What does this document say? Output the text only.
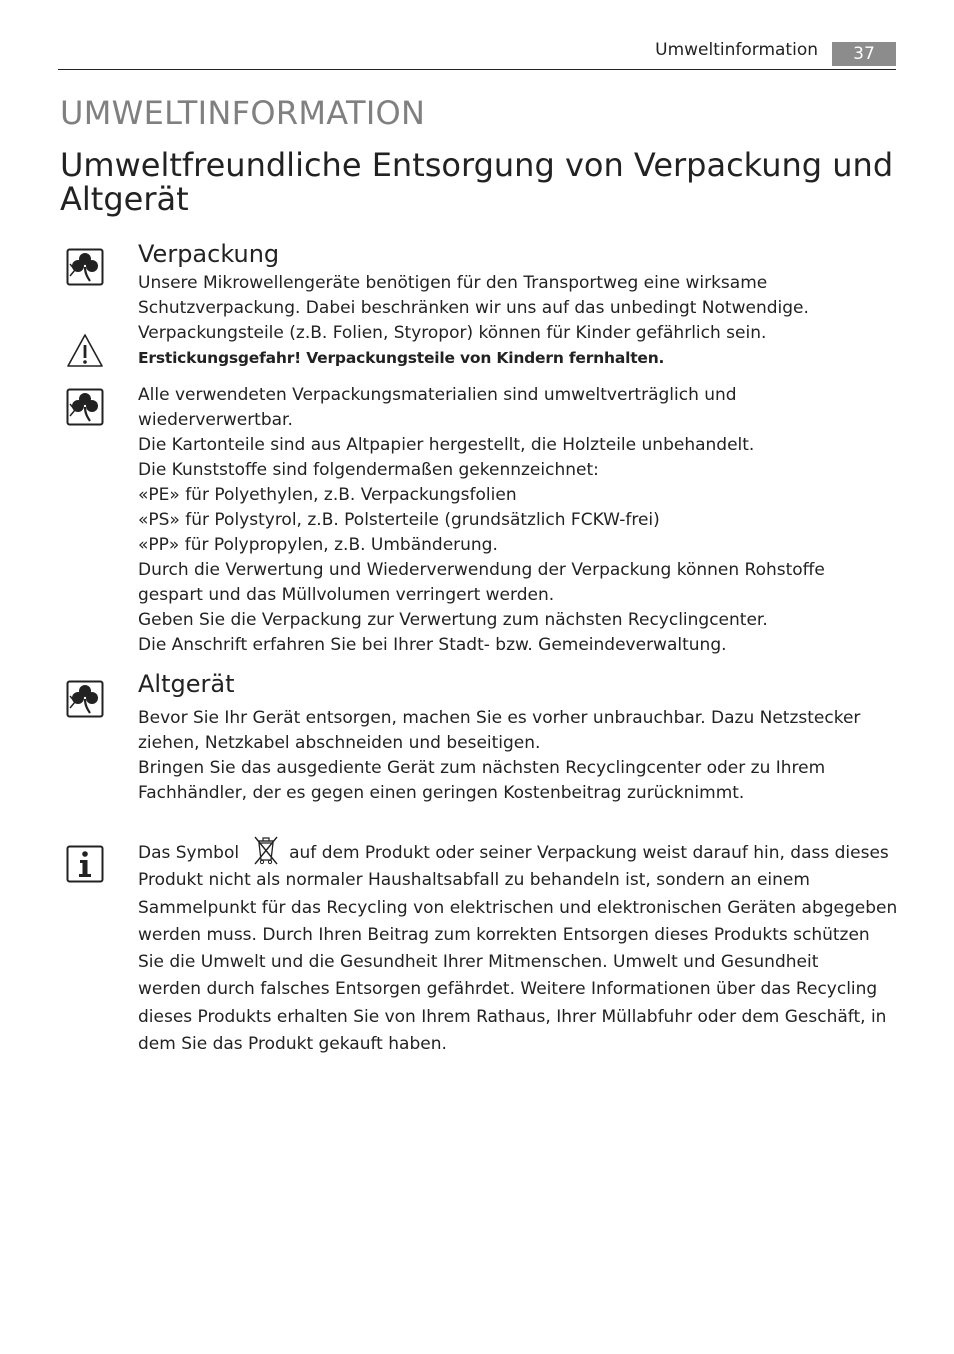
Umweltinformation	37
UMWELTINFORMATION
Umweltfreundliche Entsorgung von Verpackung und Altgerät
Verpackung
Unsere Mikrowellengeräte benötigen für den Transportweg eine wirksame
Schutzverpackung. Dabei beschränken wir uns auf das unbedingt Notwendige.
Verpackungsteile (z.B. Folien, Styropor) können für Kinder gefährlich sein.
Erstickungsgefahr! Verpackungsteile von Kindern fernhalten.
Alle verwendeten Verpackungsmaterialien sind umweltverträglich und
wiederverwertbar.
Die Kartonteile sind aus Altpapier hergestellt, die Holzteile unbehandelt.
Die Kunststoffe sind folgendermaßen gekennzeichnet:
«PE» für Polyethylen, z.B. Verpackungsfolien
«PS» für Polystyrol, z.B. Polsterteile (grundsätzlich FCKW-frei)
«PP» für Polypropylen, z.B. Umbänderung.
Durch die Verwertung und Wiederverwendung der Verpackung können Rohstoffe
gespart und das Müllvolumen verringert werden.
Geben Sie die Verpackung zur Verwertung zum nächsten Recyclingcenter.
Die Anschrift erfahren Sie bei Ihrer Stadt- bzw. Gemeindeverwaltung.
Altgerät
Bevor Sie Ihr Gerät entsorgen, machen Sie es vorher unbrauchbar. Dazu Netzstecker
ziehen, Netzkabel abschneiden und beseitigen.
Bringen Sie das ausgediente Gerät zum nächsten Recyclingcenter oder zu Ihrem
Fachhändler, der es gegen einen geringen Kostenbeitrag zurücknimmt.
Das Symbol	auf dem Produkt oder seiner Verpackung weist darauf hin, dass dieses
Produkt nicht als normaler Haushaltsabfall zu behandeln ist, sondern an einem
Sammelpunkt für das Recycling von elektrischen und elektronischen Geräten abgegeben
werden muss. Durch Ihren Beitrag zum korrekten Entsorgen dieses Produkts schützen
Sie die Umwelt und die Gesundheit Ihrer Mitmenschen. Umwelt und Gesundheit
werden durch falsches Entsorgen gefährdet. Weitere Informationen über das Recycling
dieses Produkts erhalten Sie von Ihrem Rathaus, Ihrer Müllabfuhr oder dem Geschäft, in
dem Sie das Produkt gekauft haben.
